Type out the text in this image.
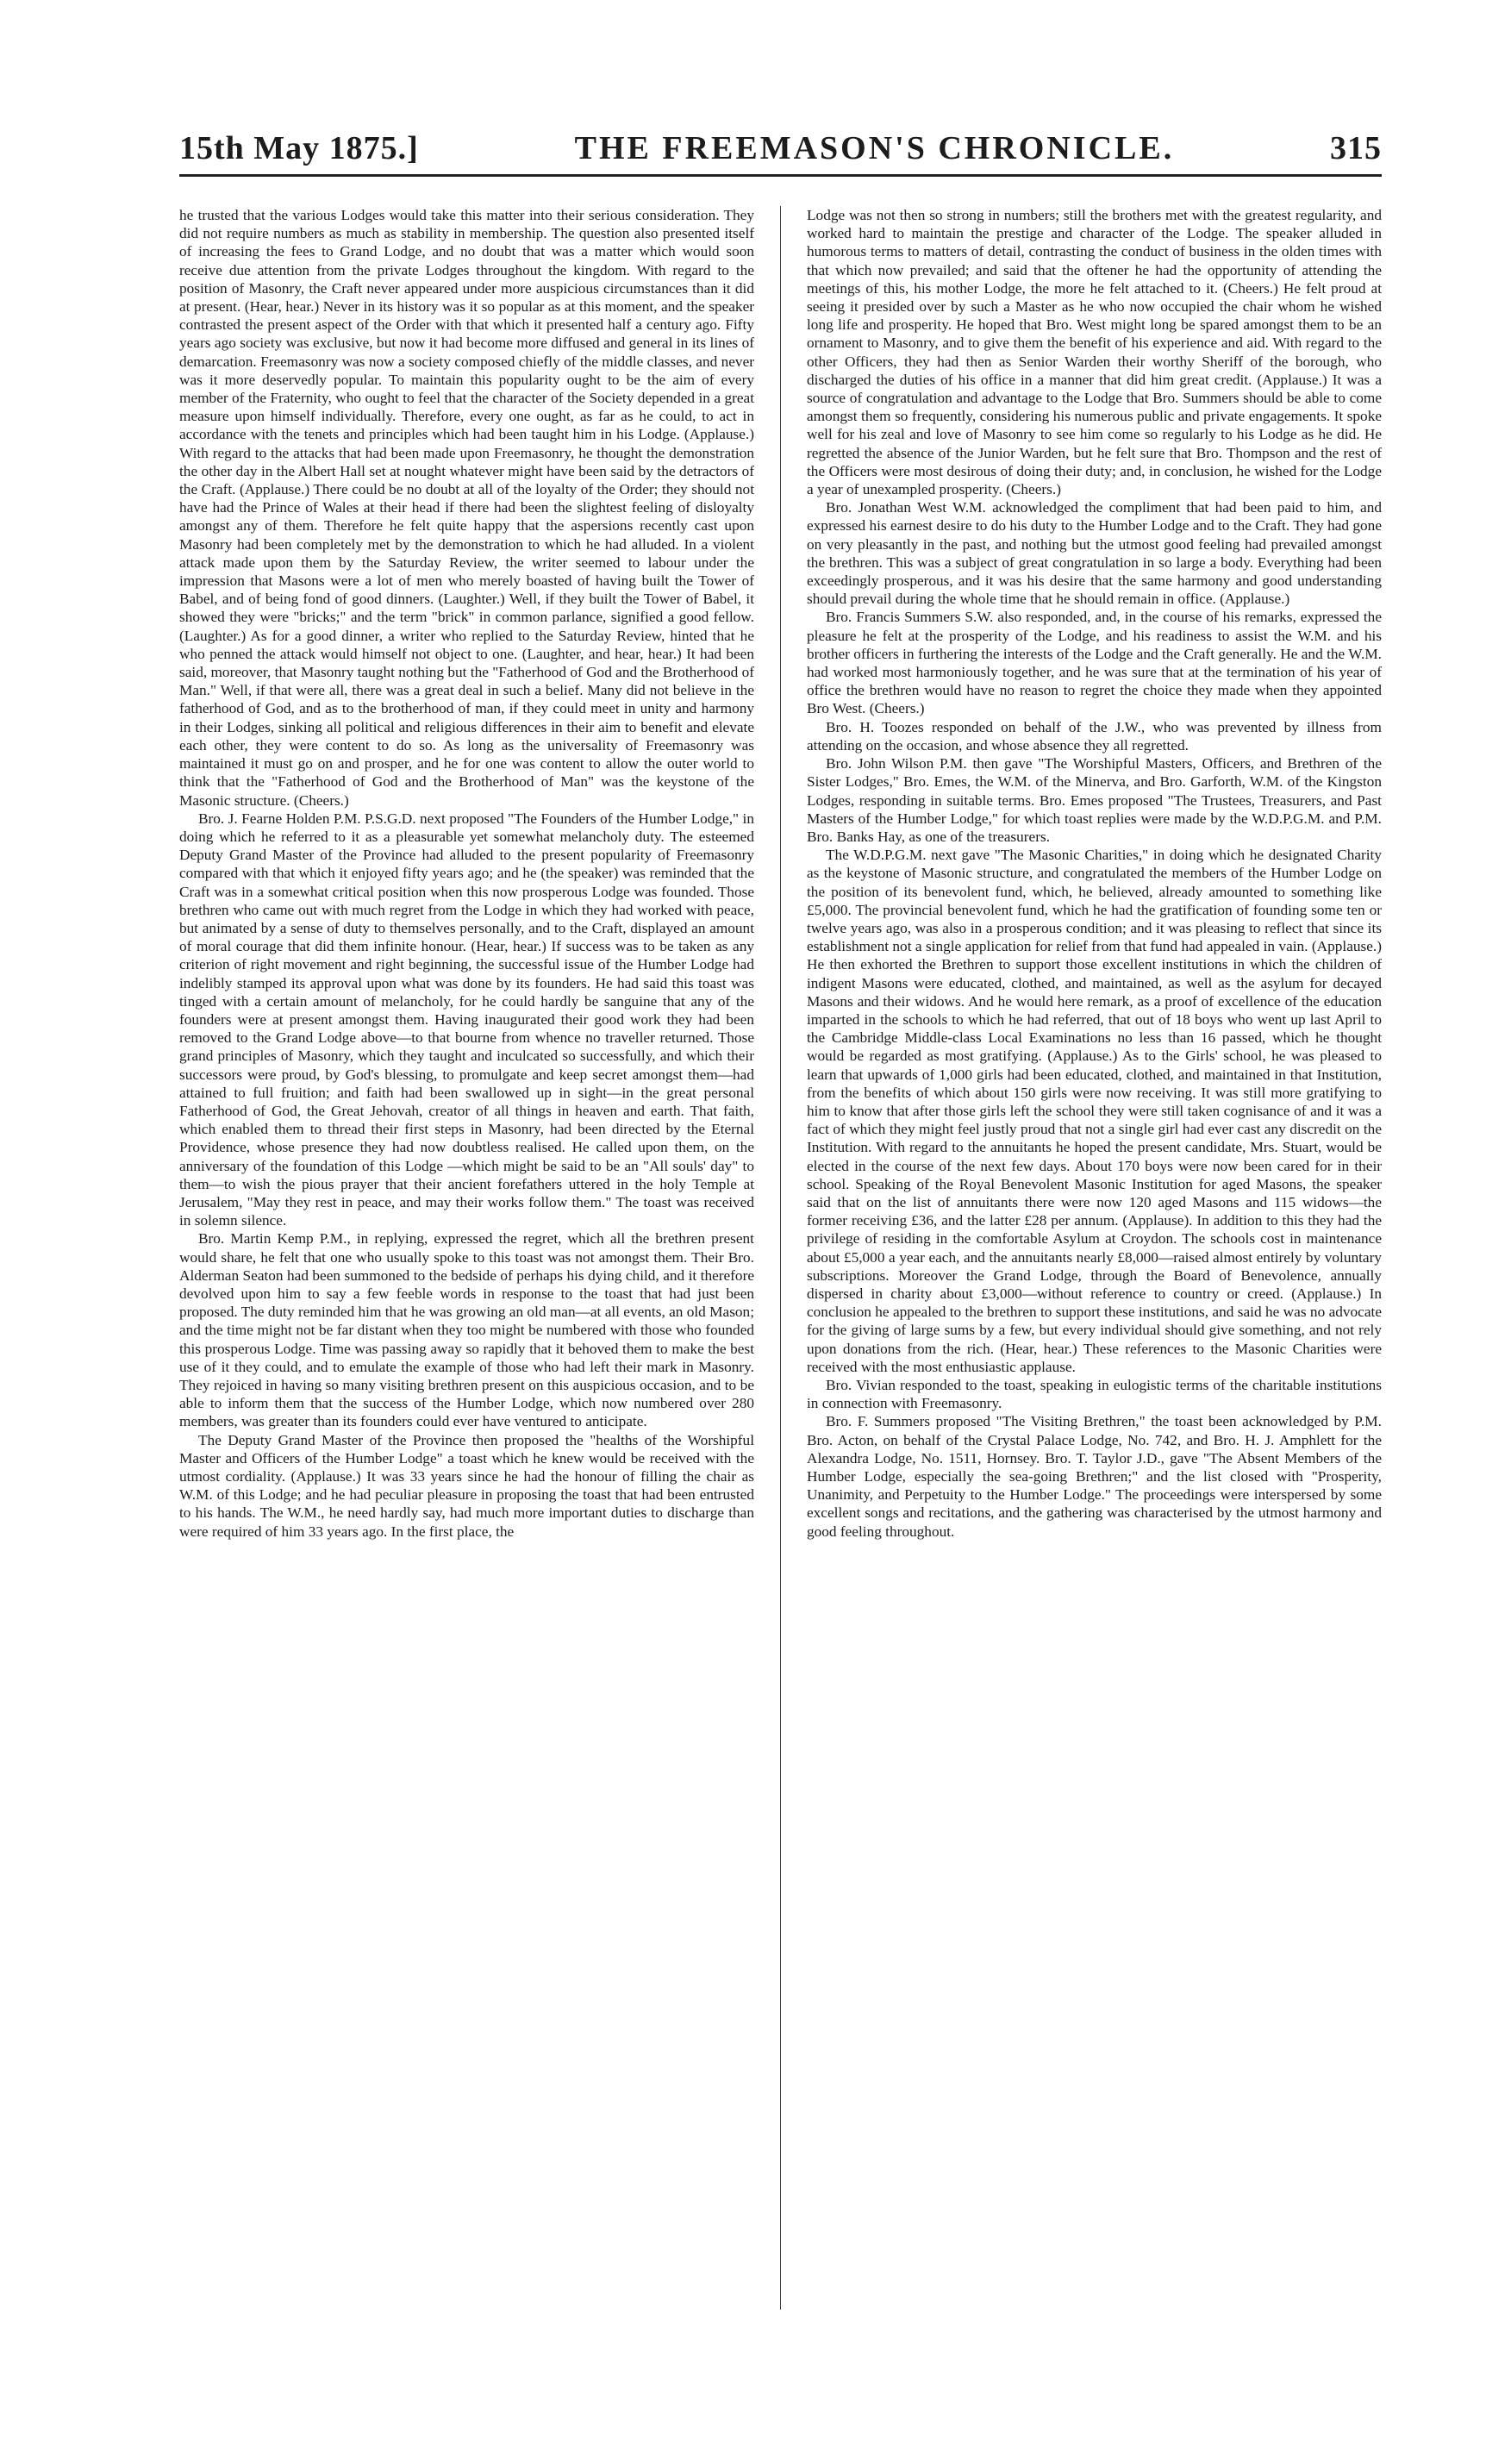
15th May 1875.]	THE FREEMASON'S CHRONICLE.	315

he trusted that the various Lodges would take this matter into their serious consideration. They did not require numbers as much as stability in membership. The question also presented itself of increasing the fees to Grand Lodge, and no doubt that was a matter which would soon receive due attention from the private Lodges throughout the kingdom. With regard to the position of Masonry, the Craft never appeared under more auspicious circumstances than it did at present. (Hear, hear.) Never in its history was it so popular as at this moment, and the speaker contrasted the present aspect of the Order with that which it presented half a century ago. Fifty years ago society was exclusive, but now it had become more diffused and general in its lines of demarcation. Freemasonry was now a society composed chiefly of the middle classes, and never was it more deservedly popular. To maintain this popularity ought to be the aim of every member of the Fraternity, who ought to feel that the character of the Society depended in a great measure upon himself individually. Therefore, every one ought, as far as he could, to act in accordance with the tenets and principles which had been taught him in his Lodge. (Applause.) With regard to the attacks that had been made upon Freemasonry, he thought the demonstration the other day in the Albert Hall set at nought whatever might have been said by the detractors of the Craft. (Applause.) There could be no doubt at all of the loyalty of the Order; they should not have had the Prince of Wales at their head if there had been the slightest feeling of disloyalty amongst any of them. Therefore he felt quite happy that the aspersions recently cast upon Masonry had been completely met by the demonstration to which he had alluded. In a violent attack made upon them by the Saturday Review, the writer seemed to labour under the impression that Masons were a lot of men who merely boasted of having built the Tower of Babel, and of being fond of good dinners. (Laughter.) Well, if they built the Tower of Babel, it showed they were "bricks;" and the term "brick" in common parlance, signified a good fellow. (Laughter.) As for a good dinner, a writer who replied to the Saturday Review, hinted that he who penned the attack would himself not object to one. (Laughter, and hear, hear.) It had been said, moreover, that Masonry taught nothing but the "Fatherhood of God and the Brotherhood of Man." Well, if that were all, there was a great deal in such a belief. Many did not believe in the fatherhood of God, and as to the brotherhood of man, if they could meet in unity and harmony in their Lodges, sinking all political and religious differences in their aim to benefit and elevate each other, they were content to do so. As long as the universality of Freemasonry was maintained it must go on and prosper, and he for one was content to allow the outer world to think that the "Fatherhood of God and the Brotherhood of Man" was the keystone of the Masonic structure. (Cheers.)

Bro. J. Fearne Holden P.M. P.S.G.D. next proposed "The Founders of the Humber Lodge," in doing which he referred to it as a pleasurable yet somewhat melancholy duty. The esteemed Deputy Grand Master of the Province had alluded to the present popularity of Freemasonry compared with that which it enjoyed fifty years ago; and he (the speaker) was reminded that the Craft was in a somewhat critical position when this now prosperous Lodge was founded. Those brethren who came out with much regret from the Lodge in which they had worked with peace, but animated by a sense of duty to themselves personally, and to the Craft, displayed an amount of moral courage that did them infinite honour. (Hear, hear.) If success was to be taken as any criterion of right movement and right beginning, the successful issue of the Humber Lodge had indelibly stamped its approval upon what was done by its founders. He had said this toast was tinged with a certain amount of melancholy, for he could hardly be sanguine that any of the founders were at present amongst them. Having inaugurated their good work they had been removed to the Grand Lodge above—to that bourne from whence no traveller returned. Those grand principles of Masonry, which they taught and inculcated so successfully, and which their successors were proud, by God's blessing, to promulgate and keep secret amongst them—had attained to full fruition; and faith had been swallowed up in sight—in the great personal Fatherhood of God, the Great Jehovah, creator of all things in heaven and earth. That faith, which enabled them to thread their first steps in Masonry, had been directed by the Eternal Providence, whose presence they had now doubtless realised. He called upon them, on the anniversary of the foundation of this Lodge —which might be said to be an "All souls' day" to them—to wish the pious prayer that their ancient forefathers uttered in the holy Temple at Jerusalem, "May they rest in peace, and may their works follow them." The toast was received in solemn silence.

Bro. Martin Kemp P.M., in replying, expressed the regret, which all the brethren present would share, he felt that one who usually spoke to this toast was not amongst them. Their Bro. Alderman Seaton had been summoned to the bedside of perhaps his dying child, and it therefore devolved upon him to say a few feeble words in response to the toast that had just been proposed. The duty reminded him that he was growing an old man—at all events, an old Mason; and the time might not be far distant when they too might be numbered with those who founded this prosperous Lodge. Time was passing away so rapidly that it behoved them to make the best use of it they could, and to emulate the example of those who had left their mark in Masonry. They rejoiced in having so many visiting brethren present on this auspicious occasion, and to be able to inform them that the success of the Humber Lodge, which now numbered over 280 members, was greater than its founders could ever have ventured to anticipate.

The Deputy Grand Master of the Province then proposed the "healths of the Worshipful Master and Officers of the Humber Lodge" a toast which he knew would be received with the utmost cordiality. (Applause.) It was 33 years since he had the honour of filling the chair as W.M. of this Lodge; and he had peculiar pleasure in proposing the toast that had been entrusted to his hands. The W.M., he need hardly say, had much more important duties to discharge than were required of him 33 years ago. In the first place, the

Lodge was not then so strong in numbers; still the brothers met with the greatest regularity, and worked hard to maintain the prestige and character of the Lodge. The speaker alluded in humorous terms to matters of detail, contrasting the conduct of business in the olden times with that which now prevailed; and said that the oftener he had the opportunity of attending the meetings of this, his mother Lodge, the more he felt attached to it. (Cheers.) He felt proud at seeing it presided over by such a Master as he who now occupied the chair whom he wished long life and prosperity. He hoped that Bro. West might long be spared amongst them to be an ornament to Masonry, and to give them the benefit of his experience and aid. With regard to the other Officers, they had then as Senior Warden their worthy Sheriff of the borough, who discharged the duties of his office in a manner that did him great credit. (Applause.) It was a source of congratulation and advantage to the Lodge that Bro. Summers should be able to come amongst them so frequently, considering his numerous public and private engagements. It spoke well for his zeal and love of Masonry to see him come so regularly to his Lodge as he did. He regretted the absence of the Junior Warden, but he felt sure that Bro. Thompson and the rest of the Officers were most desirous of doing their duty; and, in conclusion, he wished for the Lodge a year of unexampled prosperity. (Cheers.)

Bro. Jonathan West W.M. acknowledged the compliment that had been paid to him, and expressed his earnest desire to do his duty to the Humber Lodge and to the Craft. They had gone on very pleasantly in the past, and nothing but the utmost good feeling had prevailed amongst the brethren. This was a subject of great congratulation in so large a body. Everything had been exceedingly prosperous, and it was his desire that the same harmony and good understanding should prevail during the whole time that he should remain in office. (Applause.)

Bro. Francis Summers S.W. also responded, and, in the course of his remarks, expressed the pleasure he felt at the prosperity of the Lodge, and his readiness to assist the W.M. and his brother officers in furthering the interests of the Lodge and the Craft generally. He and the W.M. had worked most harmoniously together, and he was sure that at the termination of his year of office the brethren would have no reason to regret the choice they made when they appointed Bro West. (Cheers.)

Bro. H. Toozes responded on behalf of the J.W., who was prevented by illness from attending on the occasion, and whose absence they all regretted.

Bro. John Wilson P.M. then gave "The Worshipful Masters, Officers, and Brethren of the Sister Lodges," Bro. Emes, the W.M. of the Minerva, and Bro. Garforth, W.M. of the Kingston Lodges, responding in suitable terms. Bro. Emes proposed "The Trustees, Treasurers, and Past Masters of the Humber Lodge," for which toast replies were made by the W.D.P.G.M. and P.M. Bro. Banks Hay, as one of the treasurers.

The W.D.P.G.M. next gave "The Masonic Charities," in doing which he designated Charity as the keystone of Masonic structure, and congratulated the members of the Humber Lodge on the position of its benevolent fund, which, he believed, already amounted to something like £5,000. The provincial benevolent fund, which he had the gratification of founding some ten or twelve years ago, was also in a prosperous condition; and it was pleasing to reflect that since its establishment not a single application for relief from that fund had appealed in vain. (Applause.) He then exhorted the Brethren to support those excellent institutions in which the children of indigent Masons were educated, clothed, and maintained, as well as the asylum for decayed Masons and their widows. And he would here remark, as a proof of excellence of the education imparted in the schools to which he had referred, that out of 18 boys who went up last April to the Cambridge Middle-class Local Examinations no less than 16 passed, which he thought would be regarded as most gratifying. (Applause.) As to the Girls' school, he was pleased to learn that upwards of 1,000 girls had been educated, clothed, and maintained in that Institution, from the benefits of which about 150 girls were now receiving. It was still more gratifying to him to know that after those girls left the school they were still taken cognisance of and it was a fact of which they might feel justly proud that not a single girl had ever cast any discredit on the Institution. With regard to the annuitants he hoped the present candidate, Mrs. Stuart, would be elected in the course of the next few days. About 170 boys were now been cared for in their school. Speaking of the Royal Benevolent Masonic Institution for aged Masons, the speaker said that on the list of annuitants there were now 120 aged Masons and 115 widows—the former receiving £36, and the latter £28 per annum. (Applause). In addition to this they had the privilege of residing in the comfortable Asylum at Croydon. The schools cost in maintenance about £5,000 a year each, and the annuitants nearly £8,000—raised almost entirely by voluntary subscriptions. Moreover the Grand Lodge, through the Board of Benevolence, annually dispersed in charity about £3,000—without reference to country or creed. (Applause.) In conclusion he appealed to the brethren to support these institutions, and said he was no advocate for the giving of large sums by a few, but every individual should give something, and not rely upon donations from the rich. (Hear, hear.) These references to the Masonic Charities were received with the most enthusiastic applause.

Bro. Vivian responded to the toast, speaking in eulogistic terms of the charitable institutions in connection with Freemasonry.

Bro. F. Summers proposed "The Visiting Brethren," the toast been acknowledged by P.M. Bro. Acton, on behalf of the Crystal Palace Lodge, No. 742, and Bro. H. J. Amphlett for the Alexandra Lodge, No. 1511, Hornsey. Bro. T. Taylor J.D., gave "The Absent Members of the Humber Lodge, especially the sea-going Brethren;" and the list closed with "Prosperity, Unanimity, and Perpetuity to the Humber Lodge." The proceedings were interspersed by some excellent songs and recitations, and the gathering was characterised by the utmost harmony and good feeling throughout.
